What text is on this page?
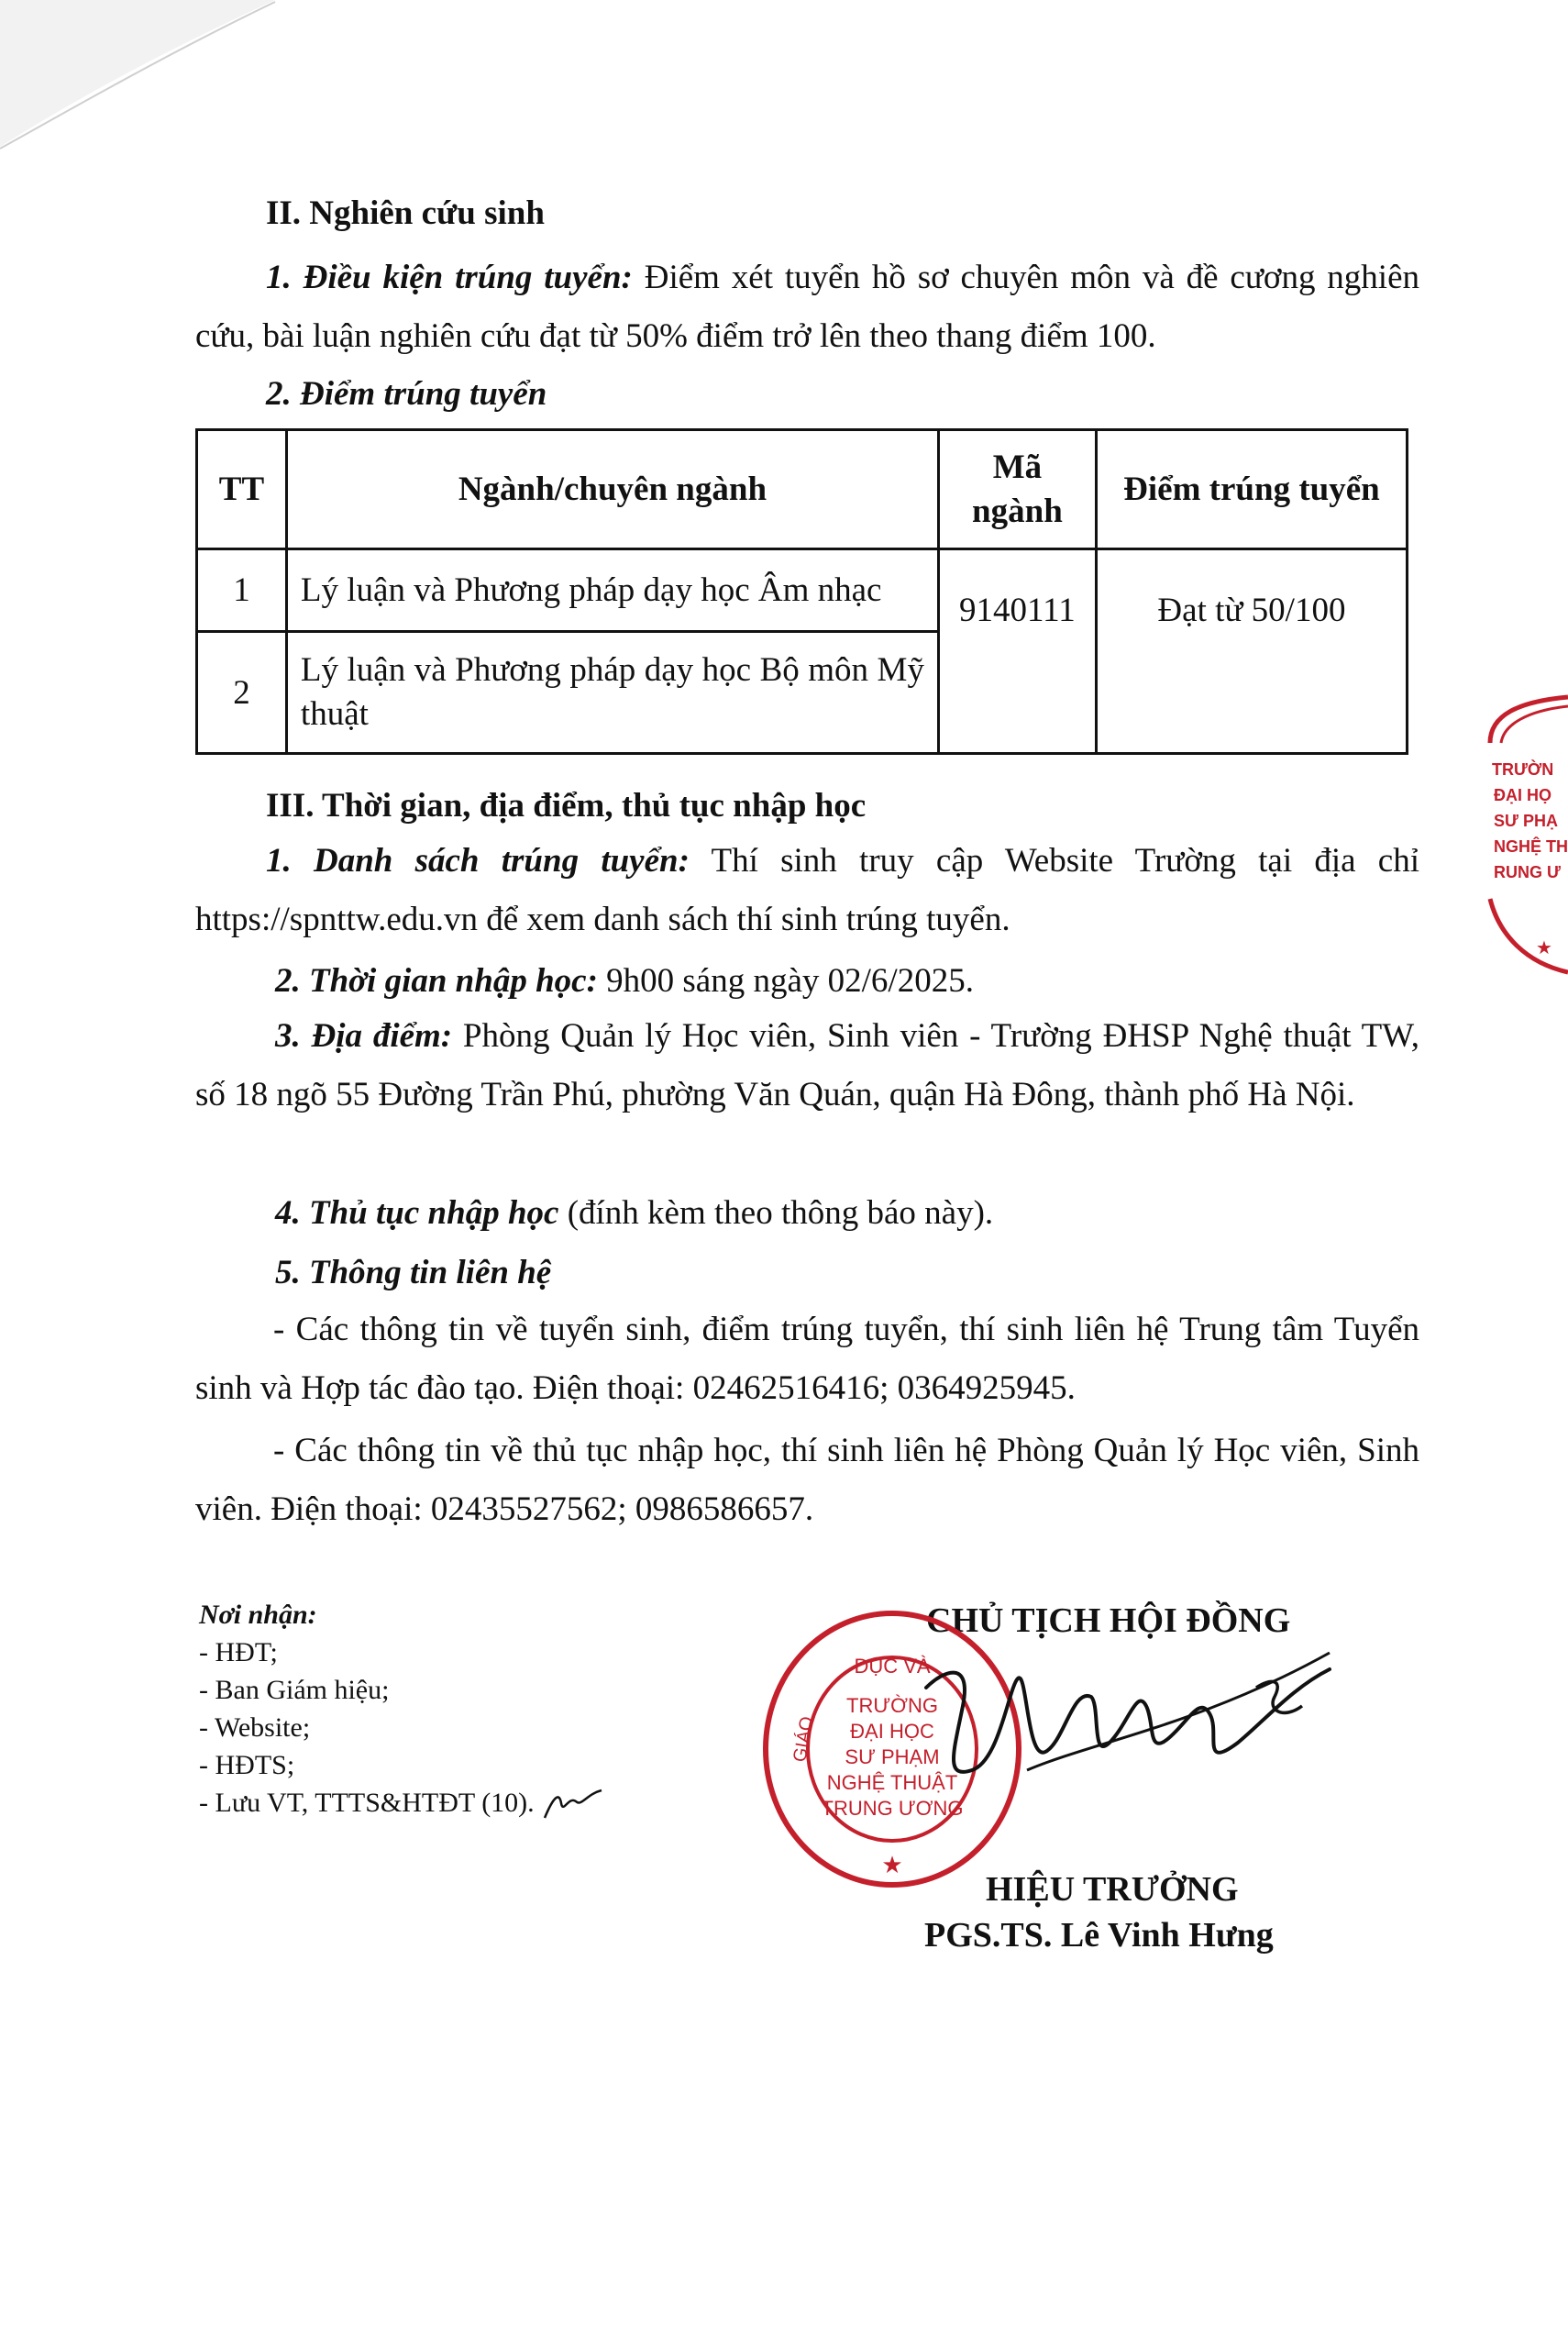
II. Nghiên cứu sinh
1. Điều kiện trúng tuyển: Điểm xét tuyển hồ sơ chuyên môn và đề cương nghiên cứu, bài luận nghiên cứu đạt từ 50% điểm trở lên theo thang điểm 100.
2. Điểm trúng tuyển
TT	Ngành/chuyên ngành	Mã ngành	Điểm trúng tuyển
1	Lý luận và Phương pháp dạy học Âm nhạc	9140111	Đạt từ 50/100
2	Lý luận và Phương pháp dạy học Bộ môn Mỹ thuật		
III. Thời gian, địa điểm, thủ tục nhập học
1. Danh sách trúng tuyển: Thí sinh truy cập Website Trường tại địa chỉ https://spnttw.edu.vn để xem danh sách thí sinh trúng tuyển.
2. Thời gian nhập học: 9h00 sáng ngày 02/6/2025.
3. Địa điểm: Phòng Quản lý Học viên, Sinh viên - Trường ĐHSP Nghệ thuật TW, số 18 ngõ 55 Đường Trần Phú, phường Văn Quán, quận Hà Đông, thành phố Hà Nội.
4. Thủ tục nhập học (đính kèm theo thông báo này).
5. Thông tin liên hệ
- Các thông tin về tuyển sinh, điểm trúng tuyển, thí sinh liên hệ Trung tâm Tuyển sinh và Hợp tác đào tạo. Điện thoại: 02462516416; 0364925945.
- Các thông tin về thủ tục nhập học, thí sinh liên hệ Phòng Quản lý Học viên, Sinh viên. Điện thoại: 02435527562; 0986586657.
Nơi nhận:
- HĐT;
- Ban Giám hiệu;
- Website;
- HĐTS;
- Lưu VT, TTTS&HTĐT (10).
CHỦ TỊCH HỘI ĐỒNG
DỤC VÀ
GIÁO
TRƯỜNG
ĐẠI HỌC
SƯ PHẠM
NGHỆ THUẬT
TRUNG ƯƠNG
★
HIỆU TRƯỞNG
PGS.TS. Lê Vinh Hưng
TRƯỜN
ĐẠI HỌ
SƯ PHẠ
NGHỆ TH
RUNG Ư
★
